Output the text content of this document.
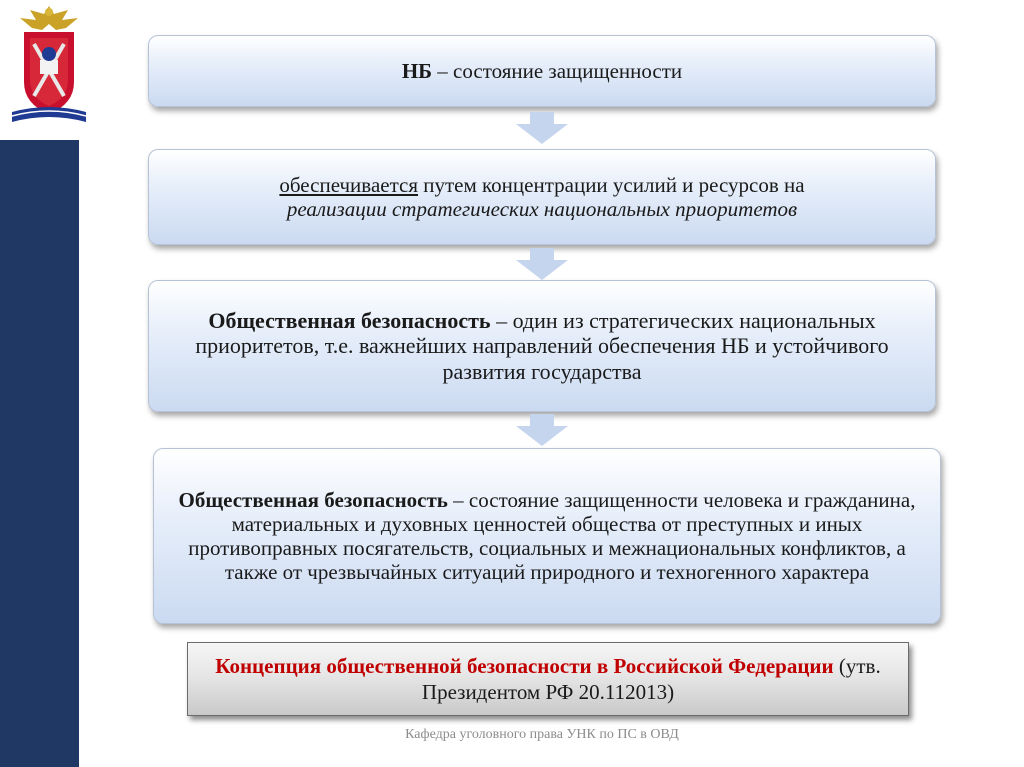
НБ – состояние защищенности
обеспечивается путем концентрации усилий и ресурсов на
реализации стратегических национальных приоритетов
Общественная безопасность – один из стратегических национальных приоритетов, т.е. важнейших направлений обеспечения НБ и устойчивого развития государства
Общественная безопасность – состояние защищенности человека и гражданина, материальных и духовных ценностей общества от преступных и иных противоправных посягательств, социальных и межнациональных конфликтов, а также от чрезвычайных ситуаций природного и техногенного характера
Концепция общественной безопасности в Российской Федерации (утв. Президентом РФ 20.112013)
Кафедра уголовного права УНК по ПС в ОВД
